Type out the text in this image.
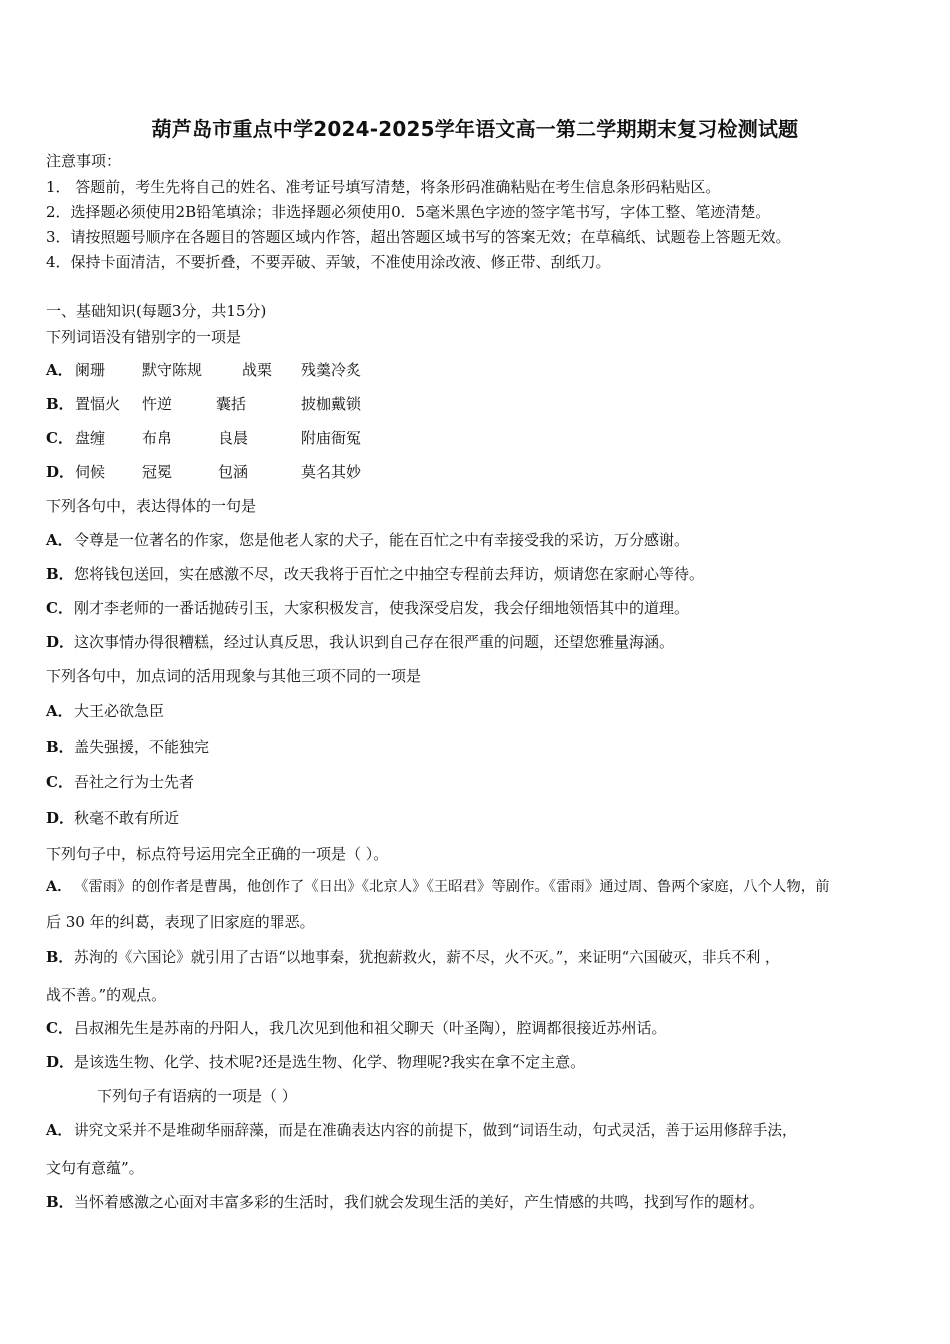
葫芦岛市重点中学2024-2025学年语文高一第二学期期末复习检测试题
注意事项：
1． 答题前，考生先将自己的姓名、准考证号填写清楚，将条形码准确粘贴在考生信息条形码粘贴区。
2．选择题必须使用2B铅笔填涂；非选择题必须使用0．5毫米黑色字迹的签字笔书写，字体工整、笔迹清楚。
3．请按照题号顺序在各题目的答题区域内作答，超出答题区域书写的答案无效；在草稿纸、试题卷上答题无效。
4．保持卡面清洁，不要折叠，不要弄破、弄皱，不准使用涂改液、修正带、刮纸刀。
一、基础知识(每题3分，共15分)
下列词语没有错别字的一项是
A． 阑珊 默守陈规	战栗 残羹冷炙
B． 置愊火 忤逆	囊括	披枷戴锁
C． 盘缠 布帛	良晨	附庙衙冤
D． 伺候 冠冕	包涵	莫名其妙
下列各句中，表达得体的一句是
A．令尊是一位著名的作家，您是他老人家的犬子，能在百忙之中有幸接受我的采访，万分感谢。
B．您将钱包送回，实在感激不尽，改天我将于百忙之中抽空专程前去拜访，烦请您在家耐心等待。
C．刚才李老师的一番话抛砖引玉，大家积极发言，使我深受启发，我会仔细地领悟其中的道理。
D．这次事情办得很糟糕，经过认真反思，我认识到自己存在很严重的问题，还望您雅量海涵。
下列各句中，加点词的活用现象与其他三项不同的一项是
A．大王必欲急臣
B．盖失强援，不能独完
C．吾社之行为士先者
D．秋毫不敢有所近
下列句子中，标点符号运用完全正确的一项是（ ）。
A． 《雷雨》的创作者是曹禺，他创作了《日出》《北京人》《王昭君》等剧作。《雷雨》通过周、鲁两个家庭，八个人物，前
后 30 年的纠葛，表现了旧家庭的罪恶。
B．苏洵的《六国论》就引用了古语“以地事秦，犹抱薪救火，薪不尽，火不灭。”，来证明“六国破灭，非兵不利 ，
战不善。”的观点。
C．吕叔湘先生是苏南的丹阳人，我几次见到他和祖父聊天（叶圣陶），腔调都很接近苏州话。
D．是该选生物、化学、技术呢?还是选生物、化学、物理呢?我实在拿不定主意。
下列句子有语病的一项是（ ）
A． 讲究文采并不是堆砌华丽辞藻，而是在准确表达内容的前提下，做到“词语生动，句式灵活，善于运用修辞手法，
文句有意蕴”。
B．当怀着感激之心面对丰富多彩的生活时，我们就会发现生活的美好，产生情感的共鸣，找到写作的题材。
